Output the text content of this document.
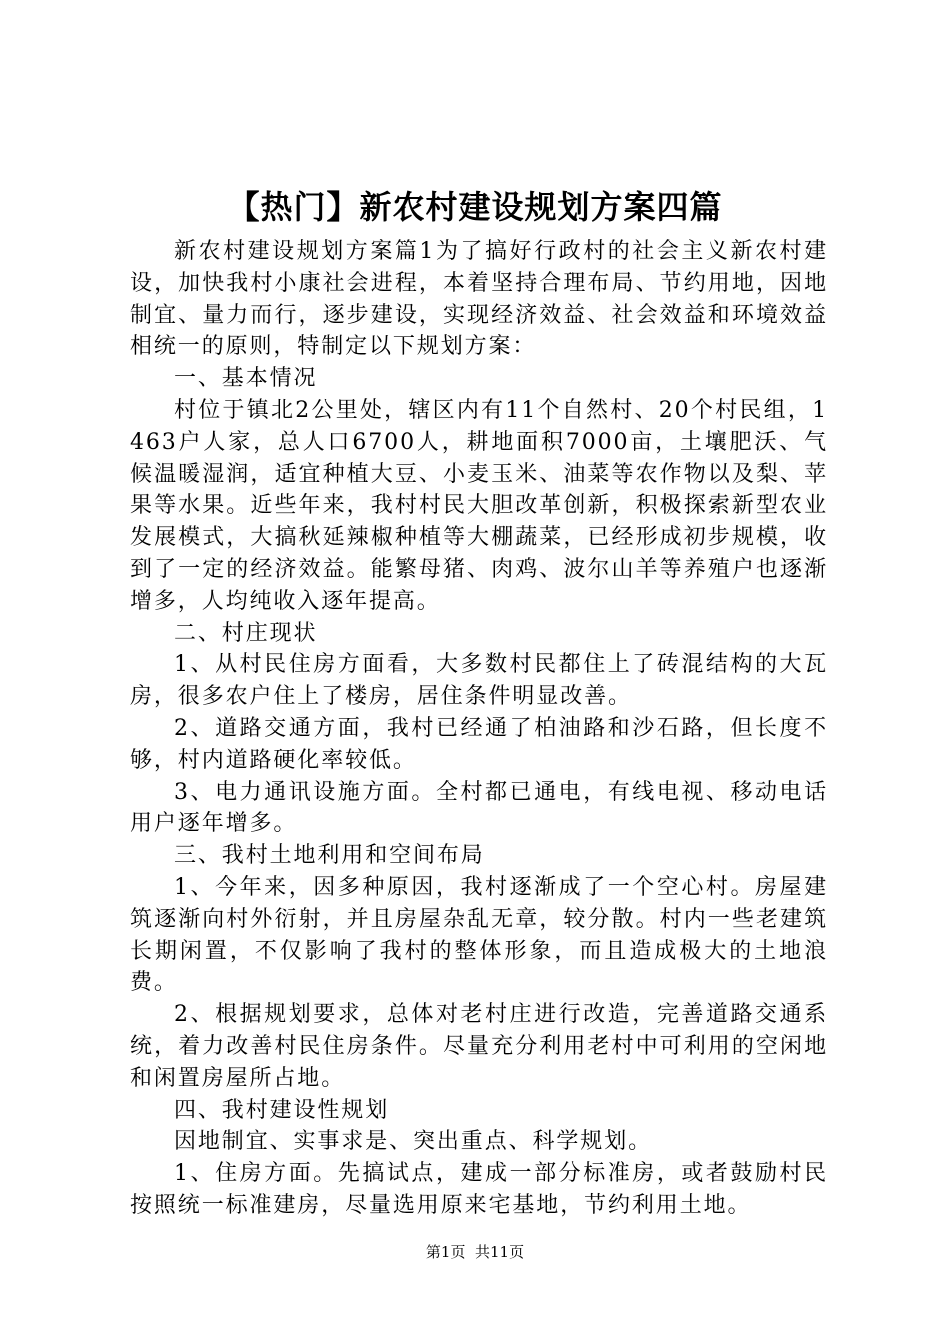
【热门】新农村建设规划方案四篇

新农村建设规划方案篇1为了搞好行政村的社会主义新农村建设，加快我村小康社会进程，本着坚持合理布局、节约用地，因地制宜、量力而行，逐步建设，实现经济效益、社会效益和环境效益相统一的原则，特制定以下规划方案：

一、基本情况

村位于镇北2公里处，辖区内有11个自然村、20个村民组，1463户人家，总人口6700人，耕地面积7000亩，土壤肥沃、气候温暖湿润，适宜种植大豆、小麦玉米、油菜等农作物以及梨、苹果等水果。近些年来，我村村民大胆改革创新，积极探索新型农业发展模式，大搞秋延辣椒种植等大棚蔬菜，已经形成初步规模，收到了一定的经济效益。能繁母猪、肉鸡、波尔山羊等养殖户也逐渐增多，人均纯收入逐年提高。

二、村庄现状

1、从村民住房方面看，大多数村民都住上了砖混结构的大瓦房，很多农户住上了楼房，居住条件明显改善。

2、道路交通方面，我村已经通了柏油路和沙石路，但长度不够，村内道路硬化率较低。

3、电力通讯设施方面。全村都已通电，有线电视、移动电话用户逐年增多。

三、我村土地利用和空间布局

1、今年来，因多种原因，我村逐渐成了一个空心村。房屋建筑逐渐向村外衍射，并且房屋杂乱无章，较分散。村内一些老建筑长期闲置，不仅影响了我村的整体形象，而且造成极大的土地浪费。

2、根据规划要求，总体对老村庄进行改造，完善道路交通系统，着力改善村民住房条件。尽量充分利用老村中可利用的空闲地和闲置房屋所占地。

四、我村建设性规划

因地制宜、实事求是、突出重点、科学规划。

1、住房方面。先搞试点，建成一部分标准房，或者鼓励村民按照统一标准建房，尽量选用原来宅基地，节约利用土地。

第1页 共11页
